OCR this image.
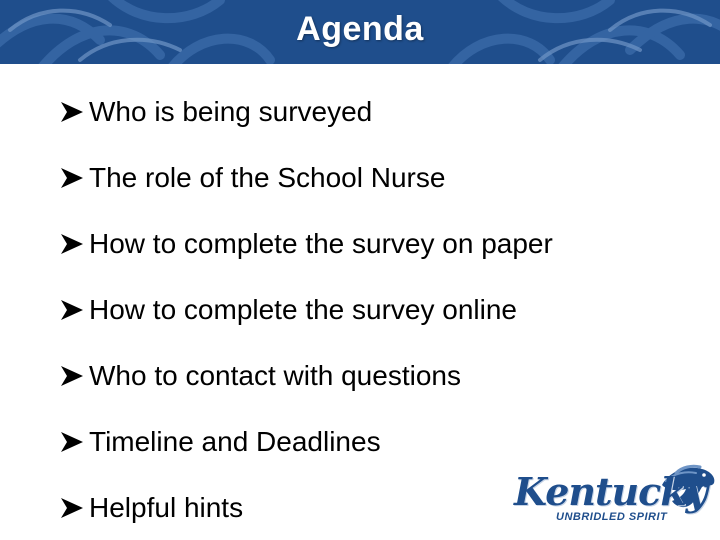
Agenda
Who is being surveyed
The role of the School Nurse
How to complete the survey on paper
How to complete the survey online
Who to contact with questions
Timeline and Deadlines
Helpful hints	Kentucky
UNBRIDLED SPIRIT
